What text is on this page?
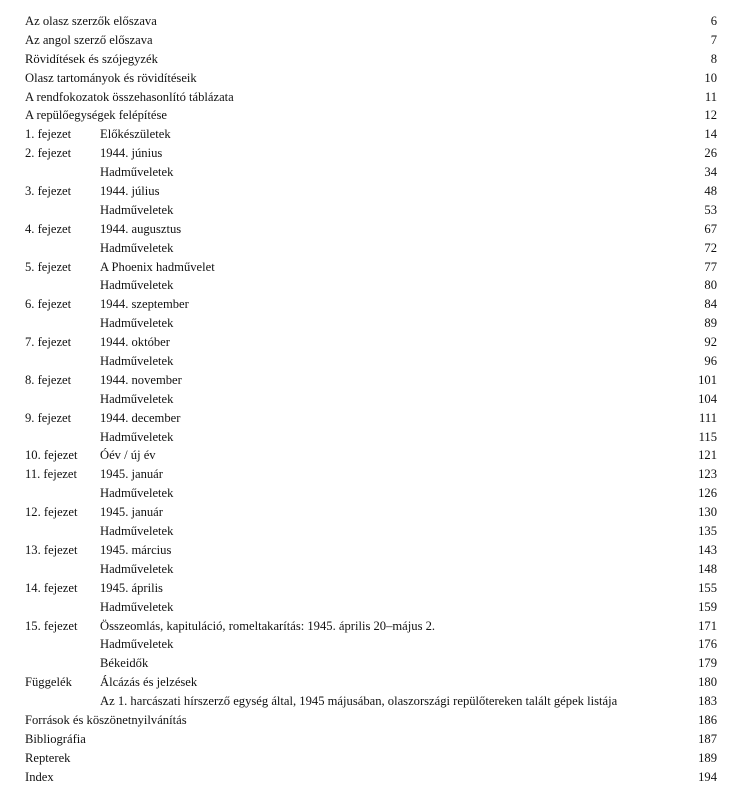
Az olasz szerzők előszava	6
Az angol szerző előszava	7
Rövidítések és szójegyzék	8
Olasz tartományok és rövidítéseik	10
A rendfokozatok összehasonlító táblázata	11
A repülőegységek felépítése	12
1. fejezet Előkészületek	14
2. fejezet 1944. június	26
Hadműveletek	34
3. fejezet 1944. július	48
Hadműveletek	53
4. fejezet 1944. augusztus	67
Hadműveletek	72
5. fejezet A Phoenix hadművelet	77
Hadműveletek	80
6. fejezet 1944. szeptember	84
Hadműveletek	89
7. fejezet 1944. október	92
Hadműveletek	96
8. fejezet 1944. november	101
Hadműveletek	104
9. fejezet 1944. december	111
Hadműveletek	115
10. fejezet Óév / új év	121
11. fejezet 1945. január	123
Hadműveletek	126
12. fejezet 1945. január	130
Hadműveletek	135
13. fejezet 1945. március	143
Hadműveletek	148
14. fejezet 1945. április	155
Hadműveletek	159
15. fejezet Összeomlás, kapituláció, romeltakarítás: 1945. április 20–május 2.	171
Hadműveletek	176
Békeidők	179
Függelék Álcázás és jelzések	180
Az 1. harcászati hírszerző egység által, 1945 májusában, olaszországi repülőtereken talált gépek listája	183
Források és köszönetnyilvánítás	186
Bibliográfia	187
Repterek	189
Index	194
